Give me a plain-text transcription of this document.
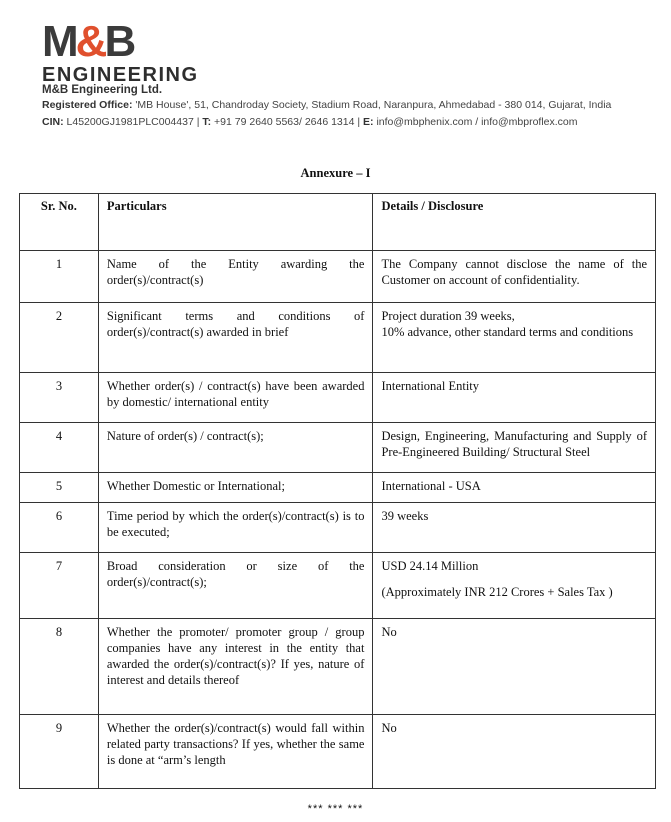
M&B
ENGINEERING
M&B Engineering Ltd.
Registered Office: 'MB House', 51, Chandroday Society, Stadium Road, Naranpura, Ahmedabad - 380 014, Gujarat, India
CIN: L45200GJ1981PLC004437 | T: +91 79 2640 5563/ 2646 1314 | E: info@mbphenix.com / info@mbproflex.com
Annexure – I
Sr. No.	Particulars	Details / Disclosure
1	Name of the Entity awarding the order(s)/contract(s)	The Company cannot disclose the name of the Customer on account of confidentiality.
2	Significant terms and conditions of order(s)/contract(s) awarded in brief	Project duration 39 weeks,
10% advance, other standard terms and conditions

3	Whether order(s) / contract(s) have been awarded by domestic/ international entity	International Entity
4	Nature of order(s) / contract(s);	Design, Engineering, Manufacturing and Supply of Pre-Engineered Building/ Structural Steel
5	Whether Domestic or International;	International - USA
6	Time period by which the order(s)/contract(s) is to be executed;	39 weeks
7	Broad consideration or size of the order(s)/contract(s);	USD 24.14 Million
(Approximately INR 212 Crores + Sales Tax )

8	Whether the promoter/ promoter group / group companies have any interest in the entity that awarded the order(s)/contract(s)? If yes, nature of interest and details thereof	No
9	Whether the order(s)/contract(s) would fall within related party transactions? If yes, whether the same is done at “arm’s length	No
*** *** ***
